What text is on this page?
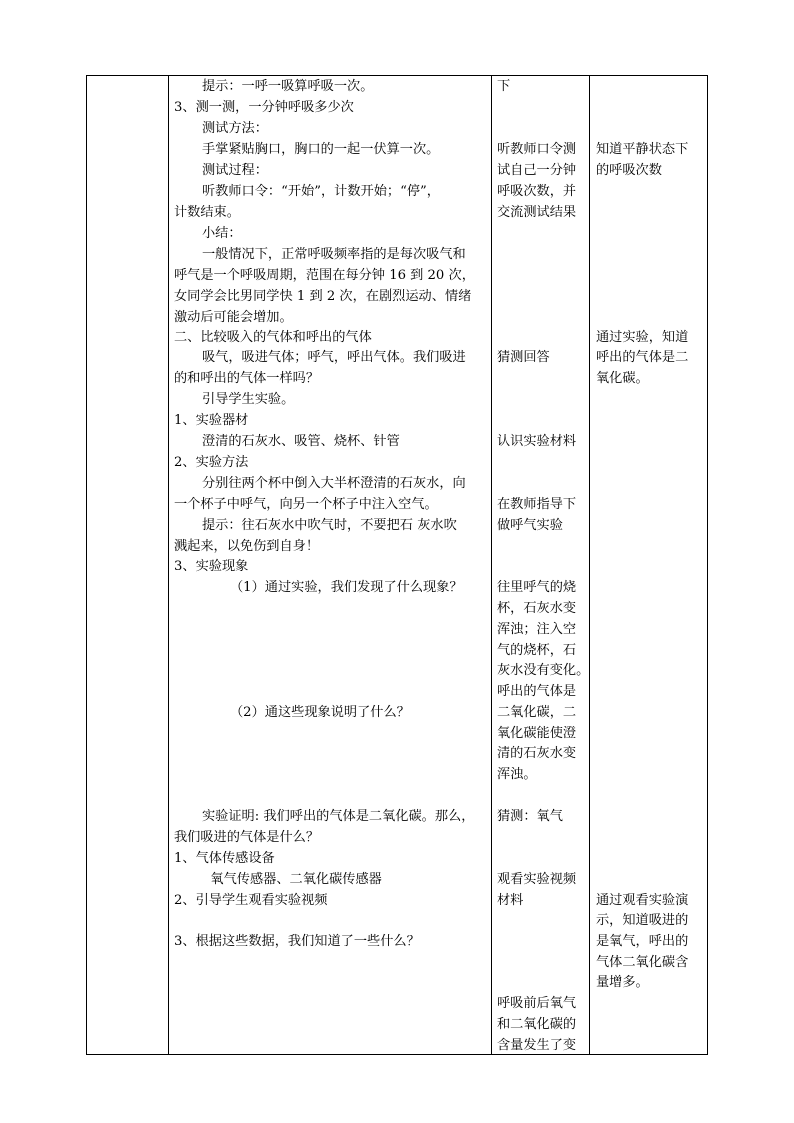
提示：一呼一吸算呼吸一次。
3、测一测，一分钟呼吸多少次
测试方法：
手掌紧贴胸口，胸口的一起一伏算一次。
测试过程：
听教师口令：“开始”，计数开始；“停”，
计数结束。
小结：
一般情况下，正常呼吸频率指的是每次吸气和
呼气是一个呼吸周期，范围在每分钟 16 到 20 次，
女同学会比男同学快 1 到 2 次，在剧烈运动、情绪
激动后可能会增加。
二、比较吸入的气体和呼出的气体
吸气，吸进气体；呼气，呼出气体。我们吸进
的和呼出的气体一样吗？
引导学生实验。
1、实验器材
澄清的石灰水、吸管、烧杯、针管
2、实验方法
分别往两个杯中倒入大半杯澄清的石灰水，向
一个杯子中呼气，向另一个杯子中注入空气。
提示：往石灰水中吹气时，不要把石 灰水吹
溅起来，以免伤到自身！
3、实验现象
（1）通过实验，我们发现了什么现象？
（2）通这些现象说明了什么？
实验证明: 我们呼出的气体是二氧化碳。那么，
我们吸进的气体是什么？
1、气体传感设备
氧气传感器、二氧化碳传感器
2、引导学生观看实验视频
3、根据这些数据，我们知道了一些什么？
下
听教师口令测
试自己一分钟
呼吸次数，并
交流测试结果
猜测回答
认识实验材料
在教师指导下
做呼气实验
往里呼气的烧
杯，石灰水变
浑浊；注入空
气的烧杯，石
灰水没有变化。
呼出的气体是
二氧化碳，二
氧化碳能使澄
清的石灰水变
浑浊。
猜测：氧气
观看实验视频
材料
呼吸前后氧气
和二氧化碳的
含量发生了变
知道平静状态下
的呼吸次数
通过实验，知道
呼出的气体是二
氧化碳。
通过观看实验演
示，知道吸进的
是氧气，呼出的
气体二氧化碳含
量增多。
